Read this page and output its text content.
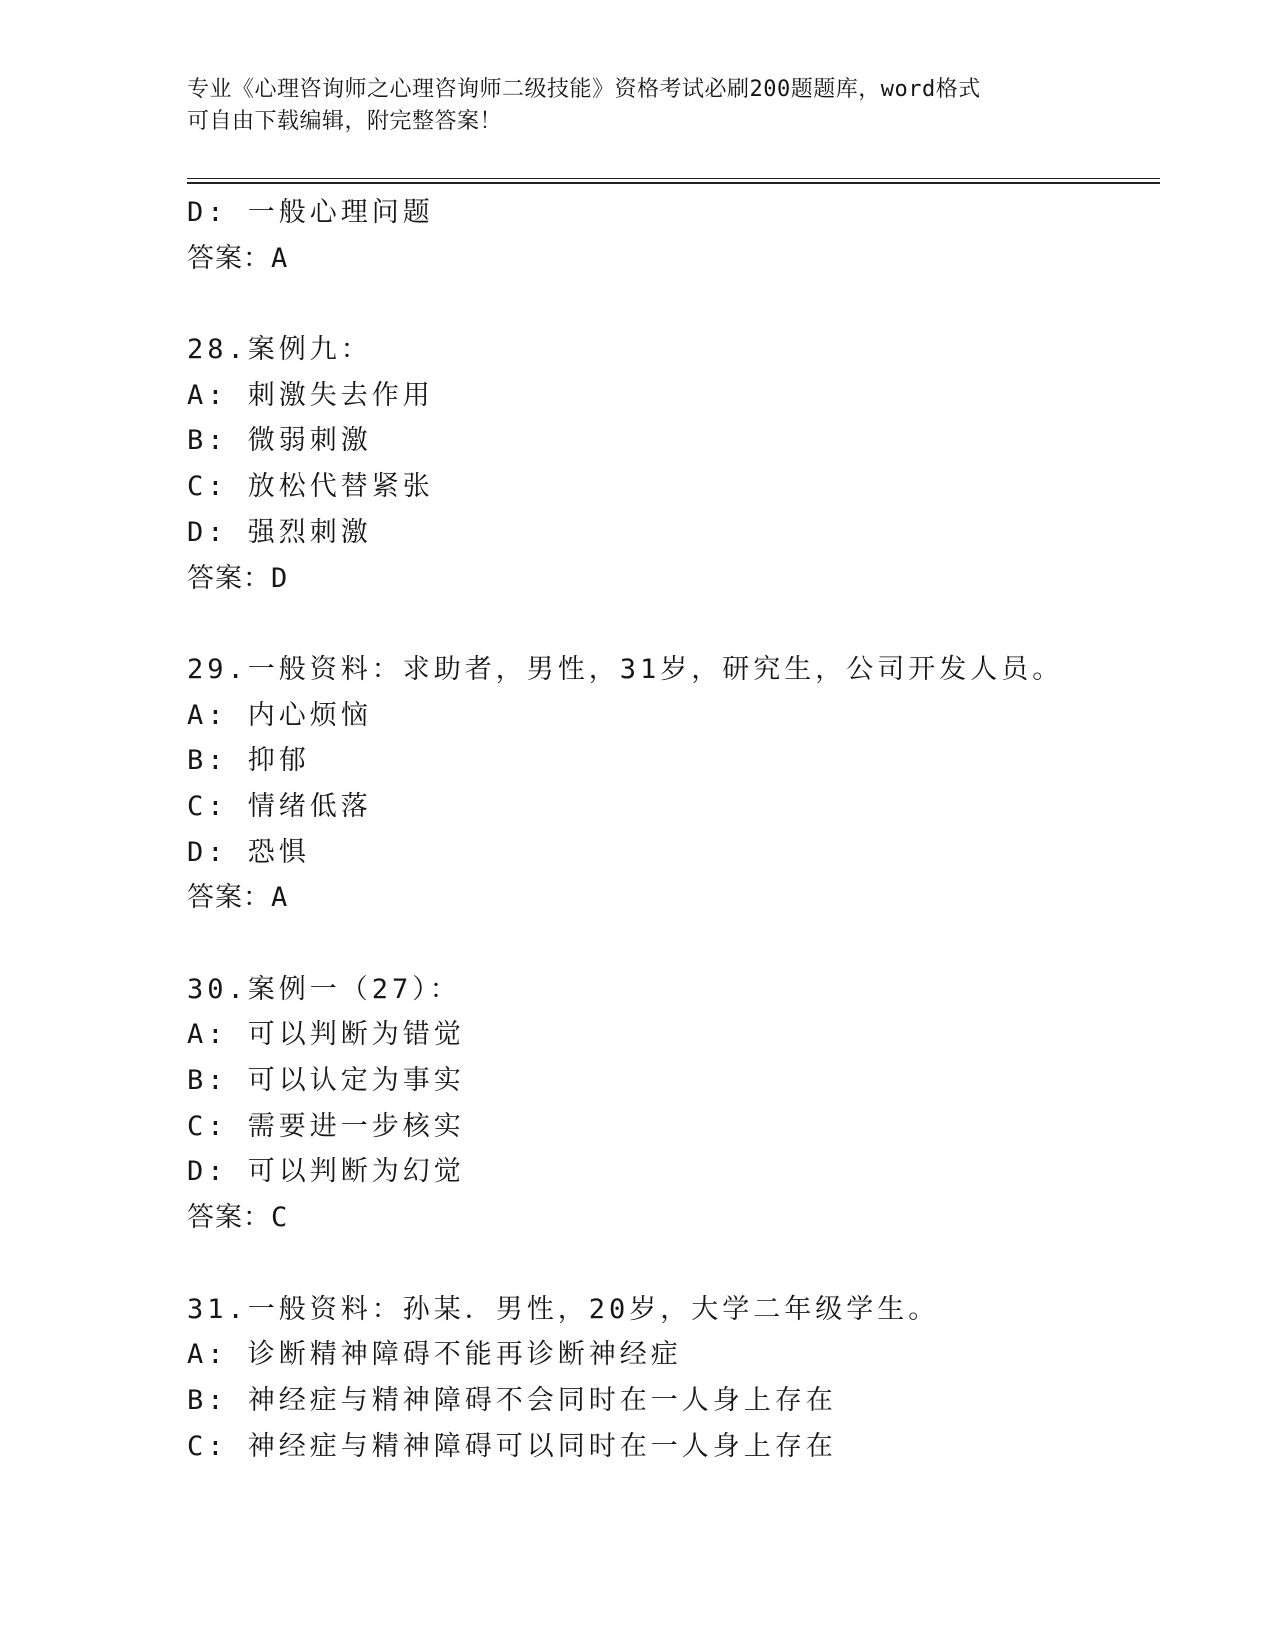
专业《心理咨询师之心理咨询师二级技能》资格考试必刷200题题库，word格式
可自由下载编辑，附完整答案！
D: 一般心理问题
答案：A
28.案例九：
A: 刺激失去作用
B: 微弱刺激
C: 放松代替紧张
D: 强烈刺激
答案：D
29.一般资料：求助者，男性，31岁，研究生，公司开发人员。
A: 内心烦恼
B: 抑郁
C: 情绪低落
D: 恐惧
答案：A
30.案例一（27）：
A: 可以判断为错觉
B: 可以认定为事实
C: 需要进一步核实
D: 可以判断为幻觉
答案：C
31.一般资料：孙某．男性，20岁，大学二年级学生。
A: 诊断精神障碍不能再诊断神经症
B: 神经症与精神障碍不会同时在一人身上存在
C: 神经症与精神障碍可以同时在一人身上存在
